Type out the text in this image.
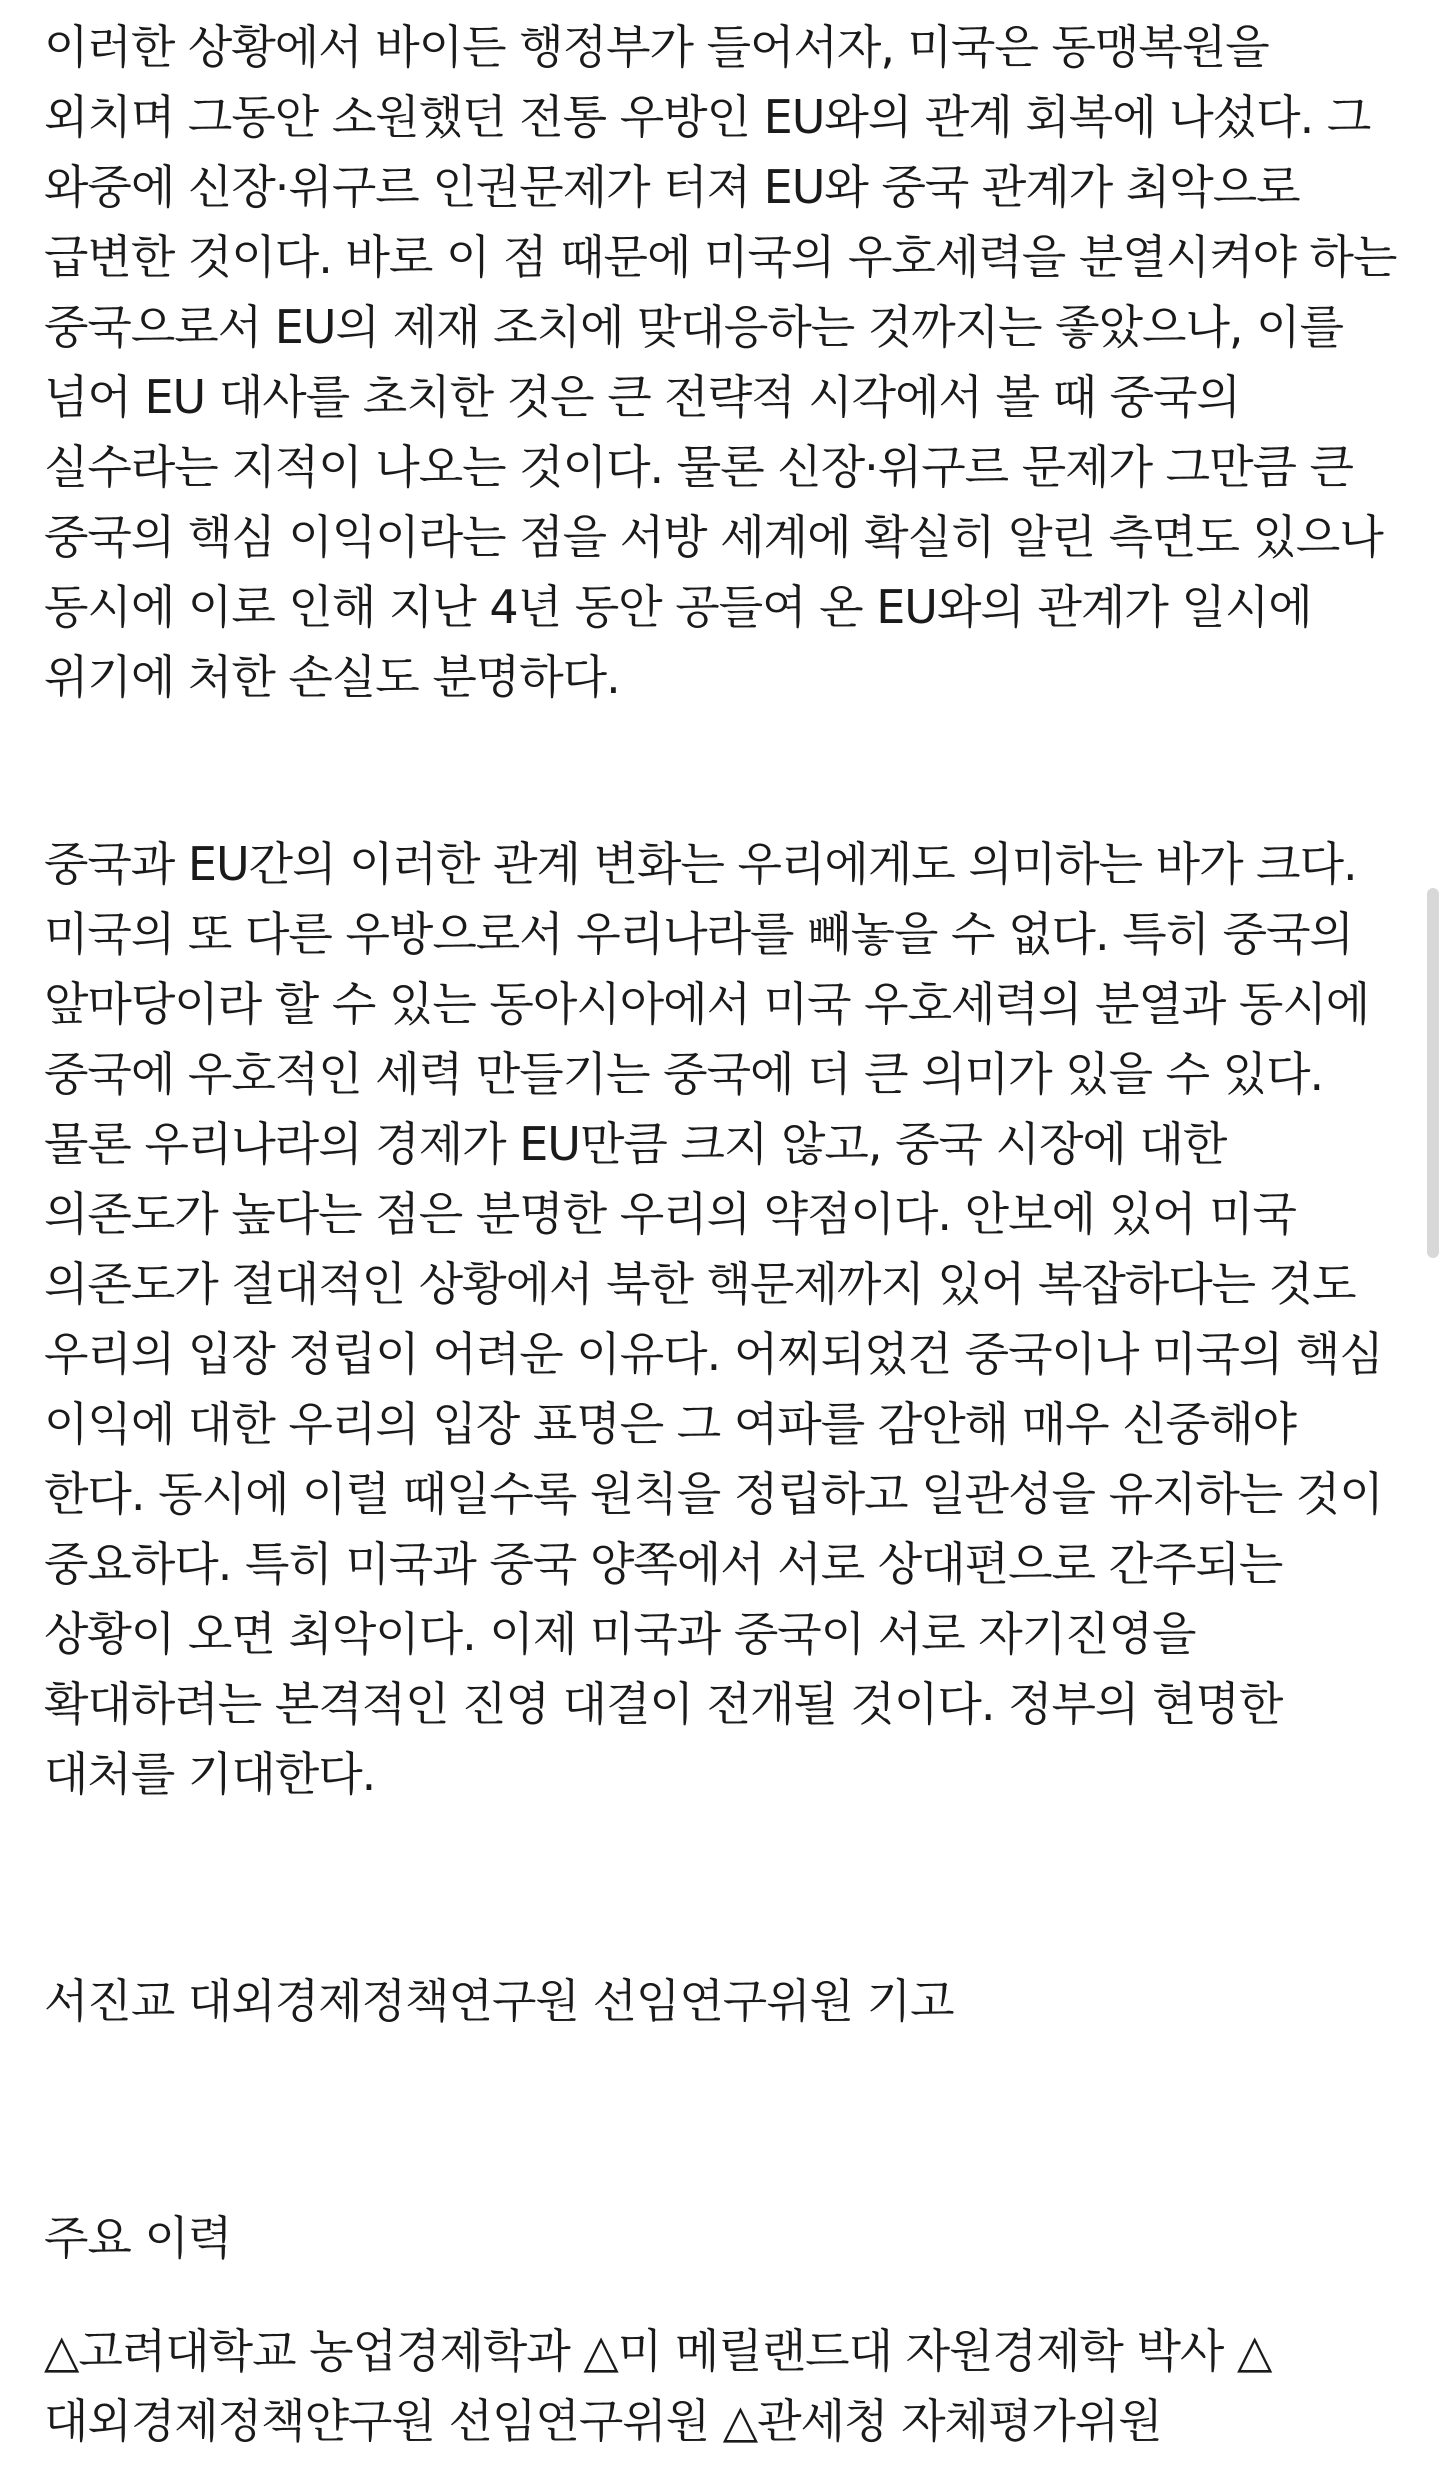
이러한 상황에서 바이든 행정부가 들어서자, 미국은 동맹복원을 외치며 그동안 소원했던 전통 우방인 EU와의 관계 회복에 나섰다. 그 와중에 신장·위구르 인권문제가 터져 EU와 중국 관계가 최악으로 급변한 것이다. 바로 이 점 때문에 미국의 우호세력을 분열시켜야 하는 중국으로서 EU의 제재 조치에 맞대응하는 것까지는 좋았으나, 이를 넘어 EU 대사를 초치한 것은 큰 전략적 시각에서 볼 때 중국의 실수라는 지적이 나오는 것이다. 물론 신장·위구르 문제가 그만큼 큰 중국의 핵심 이익이라는 점을 서방 세계에 확실히 알린 측면도 있으나 동시에 이로 인해 지난 4년 동안 공들여 온 EU와의 관계가 일시에 위기에 처한 손실도 분명하다.

중국과 EU간의 이러한 관계 변화는 우리에게도 의미하는 바가 크다. 미국의 또 다른 우방으로서 우리나라를 빼놓을 수 없다. 특히 중국의 앞마당이라 할 수 있는 동아시아에서 미국 우호세력의 분열과 동시에 중국에 우호적인 세력 만들기는 중국에 더 큰 의미가 있을 수 있다. 물론 우리나라의 경제가 EU만큼 크지 않고, 중국 시장에 대한 의존도가 높다는 점은 분명한 우리의 약점이다. 안보에 있어 미국 의존도가 절대적인 상황에서 북한 핵문제까지 있어 복잡하다는 것도 우리의 입장 정립이 어려운 이유다. 어찌되었건 중국이나 미국의 핵심 이익에 대한 우리의 입장 표명은 그 여파를 감안해 매우 신중해야 한다. 동시에 이럴 때일수록 원칙을 정립하고 일관성을 유지하는 것이 중요하다. 특히 미국과 중국 양쪽에서 서로 상대편으로 간주되는 상황이 오면 최악이다. 이제 미국과 중국이 서로 자기진영을 확대하려는 본격적인 진영 대결이 전개될 것이다. 정부의 현명한 대처를 기대한다.

서진교 대외경제정책연구원 선임연구위원 기고
주요 이력
△고려대학교 농업경제학과 △미 메릴랜드대 자원경제학 박사 △대외경제정책얀구원 선임연구위원 △관세청 자체평가위원
